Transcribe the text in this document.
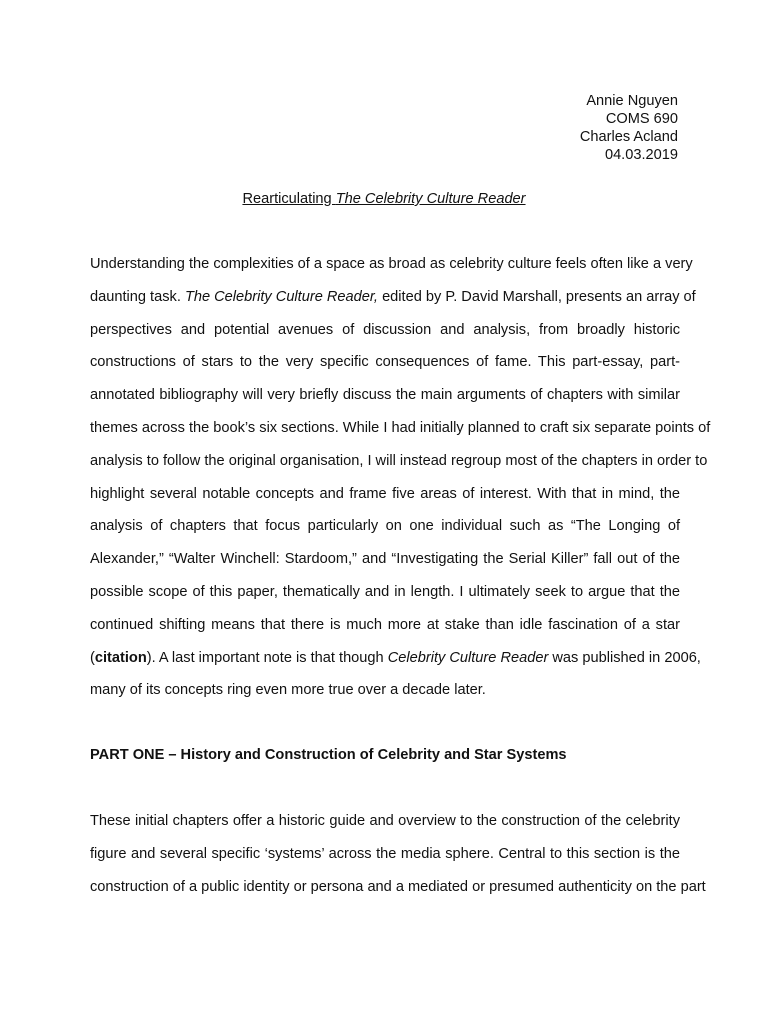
Annie Nguyen
COMS 690
Charles Acland
04.03.2019
Rearticulating The Celebrity Culture Reader
Understanding the complexities of a space as broad as celebrity culture feels often like a very
daunting task. The Celebrity Culture Reader, edited by P. David Marshall, presents an array of
perspectives and potential avenues of discussion and analysis, from broadly historic
constructions of stars to the very specific consequences of fame. This part-essay, part-
annotated bibliography will very briefly discuss the main arguments of chapters with similar
themes across the book’s six sections. While I had initially planned to craft six separate points of
analysis to follow the original organisation, I will instead regroup most of the chapters in order to
highlight several notable concepts and frame five areas of interest. With that in mind, the
analysis of chapters that focus particularly on one individual such as “The Longing of
Alexander,” “Walter Winchell: Stardoom,” and “Investigating the Serial Killer” fall out of the
possible scope of this paper, thematically and in length. I ultimately seek to argue that the
continued shifting means that there is much more at stake than idle fascination of a star
(citation). A last important note is that though Celebrity Culture Reader was published in 2006,
many of its concepts ring even more true over a decade later.
PART ONE – History and Construction of Celebrity and Star Systems
These initial chapters offer a historic guide and overview to the construction of the celebrity
figure and several specific ‘systems’ across the media sphere. Central to this section is the
construction of a public identity or persona and a mediated or presumed authenticity on the part
